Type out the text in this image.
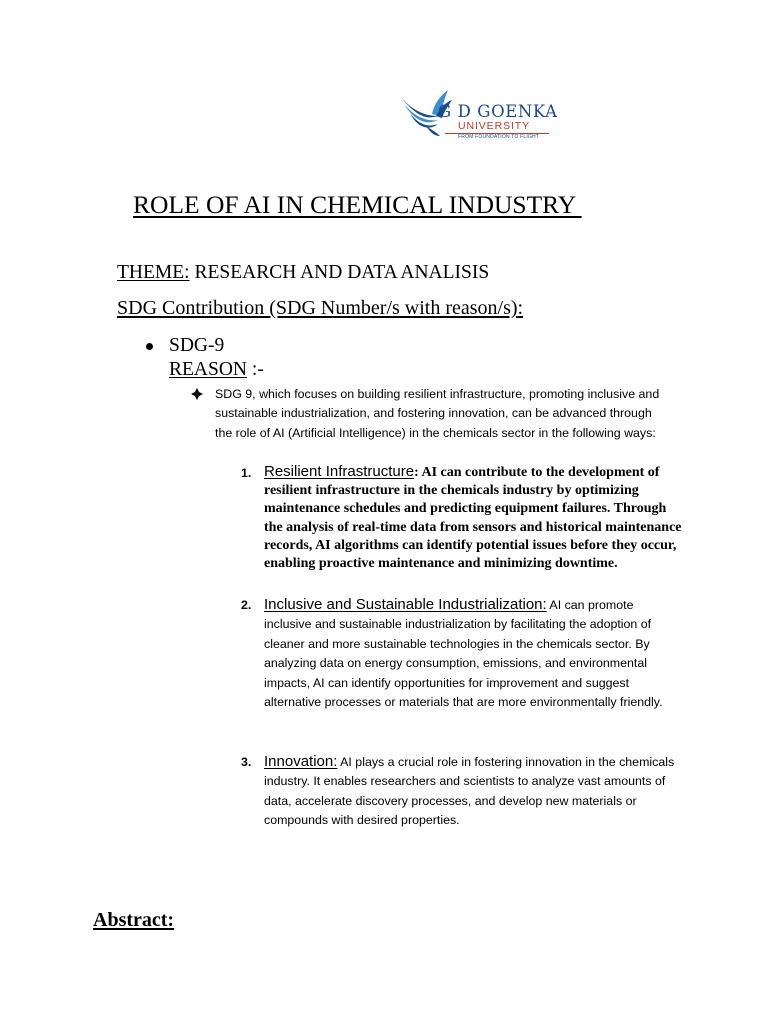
G D GOENKA
UNIVERSITY
FROM FOUNDATION TO FLIGHT
ROLE OF AI IN CHEMICAL INDUSTRY
THEME: RESEARCH AND DATA ANALISIS
SDG Contribution (SDG Number/s with reason/s):
SDG-9
REASON :-

SDG 9, which focuses on building resilient infrastructure, promoting inclusive and sustainable industrialization, and fostering innovation, can be advanced through the role of AI (Artificial Intelligence) in the chemicals sector in the following ways:

1. Resilient Infrastructure: AI can contribute to the development of resilient infrastructure in the chemicals industry by optimizing maintenance schedules and predicting equipment failures. Through the analysis of real-time data from sensors and historical maintenance records, AI algorithms can identify potential issues before they occur, enabling proactive maintenance and minimizing downtime.

2. Inclusive and Sustainable Industrialization: AI can promote inclusive and sustainable industrialization by facilitating the adoption of cleaner and more sustainable technologies in the chemicals sector. By analyzing data on energy consumption, emissions, and environmental impacts, AI can identify opportunities for improvement and suggest alternative processes or materials that are more environmentally friendly.

3. Innovation: AI plays a crucial role in fostering innovation in the chemicals industry. It enables researchers and scientists to analyze vast amounts of data, accelerate discovery processes, and develop new materials or compounds with desired properties.

Abstract:
